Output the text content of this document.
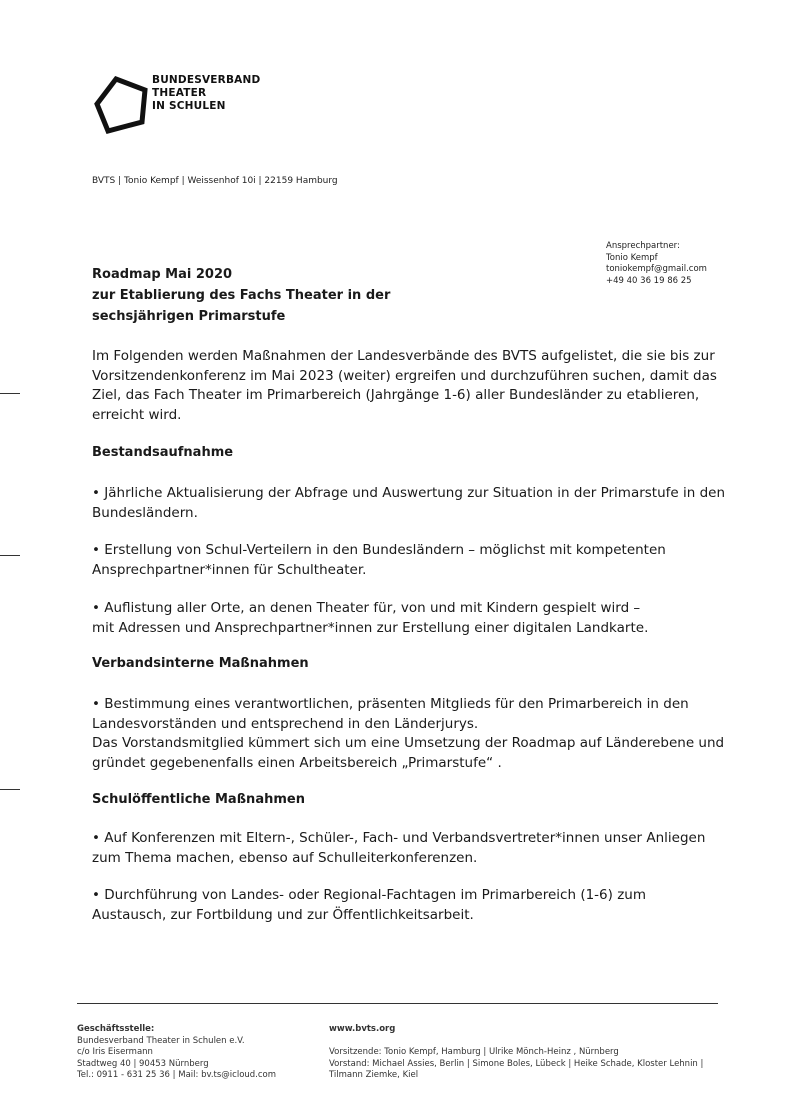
BUNDESVERBAND
THEATER
IN SCHULEN
BVTS | Tonio Kempf | Weissenhof 10i | 22159 Hamburg
Ansprechpartner:
Tonio Kempf
toniokempf@gmail.com
+49 40 36 19 86 25
Roadmap Mai 2020
zur Etablierung des Fachs Theater in der
sechsjährigen Primarstufe
Im Folgenden werden Maßnahmen der Landesverbände des BVTS aufgelistet, die sie bis zur Vorsitzendenkonferenz im Mai 2023 (weiter) ergreifen und durchzuführen suchen, damit das Ziel, das Fach Theater im Primarbereich (Jahrgänge 1-6) aller Bundesländer zu etablieren, erreicht wird.
Bestandsaufnahme
• Jährliche Aktualisierung der Abfrage und Auswertung zur Situation in der Primarstufe in den Bundesländern.
• Erstellung von Schul-Verteilern in den Bundesländern – möglichst mit kompetenten Ansprechpartner*innen für Schultheater.
• Auflistung aller Orte, an denen Theater für, von und mit Kindern gespielt wird –
mit Adressen und Ansprechpartner*innen zur Erstellung einer digitalen Landkarte.
Verbandsinterne Maßnahmen
• Bestimmung eines verantwortlichen, präsenten Mitglieds für den Primarbereich in den Landesvorständen und entsprechend in den Länderjurys.
Das Vorstandsmitglied kümmert sich um eine Umsetzung der Roadmap auf Länderebene und gründet gegebenenfalls einen Arbeitsbereich „Primarstufe“ .
Schulöffentliche Maßnahmen
• Auf Konferenzen mit Eltern-, Schüler-, Fach- und Verbandsvertreter*innen unser Anliegen zum Thema machen, ebenso auf Schulleiterkonferenzen.
• Durchführung von Landes- oder Regional-Fachtagen im Primarbereich (1-6) zum Austausch, zur Fortbildung und zur Öffentlichkeitsarbeit.
Geschäftsstelle:
Bundesverband Theater in Schulen e.V.
c/o Iris Eisermann
Stadtweg 40 | 90453 Nürnberg
Tel.: 0911 - 631 25 36 | Mail: bv.ts@icloud.com
www.bvts.org
Vorsitzende: Tonio Kempf, Hamburg | Ulrike Mönch-Heinz , Nürnberg
Vorstand: Michael Assies, Berlin | Simone Boles, Lübeck | Heike Schade, Kloster Lehnin |
Tilmann Ziemke, Kiel
